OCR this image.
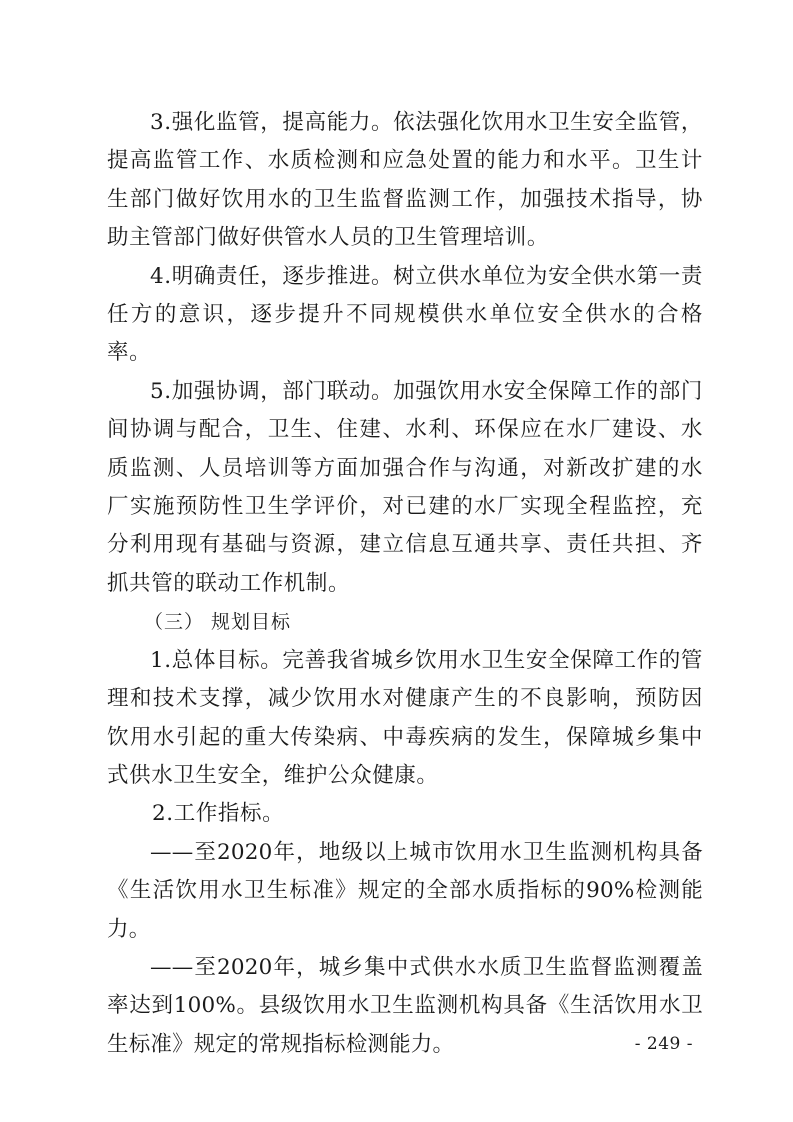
3.强化监管，提高能力。依法强化饮用水卫生安全监管，提高监管工作、水质检测和应急处置的能力和水平。卫生计生部门做好饮用水的卫生监督监测工作，加强技术指导，协助主管部门做好供管水人员的卫生管理培训。

4.明确责任，逐步推进。树立供水单位为安全供水第一责任方的意识，逐步提升不同规模供水单位安全供水的合格率。

5.加强协调，部门联动。加强饮用水安全保障工作的部门间协调与配合，卫生、住建、水利、环保应在水厂建设、水质监测、人员培训等方面加强合作与沟通，对新改扩建的水厂实施预防性卫生学评价，对已建的水厂实现全程监控，充分利用现有基础与资源，建立信息互通共享、责任共担、齐抓共管的联动工作机制。

（三） 规划目标

1.总体目标。完善我省城乡饮用水卫生安全保障工作的管理和技术支撑，减少饮用水对健康产生的不良影响，预防因饮用水引起的重大传染病、中毒疾病的发生，保障城乡集中式供水卫生安全，维护公众健康。

2.工作指标。

——至2020年，地级以上城市饮用水卫生监测机构具备《生活饮用水卫生标准》规定的全部水质指标的90%检测能力。

——至2020年，城乡集中式供水水质卫生监督监测覆盖率达到100%。县级饮用水卫生监测机构具备《生活饮用水卫生标准》规定的常规指标检测能力。	- 249 -
